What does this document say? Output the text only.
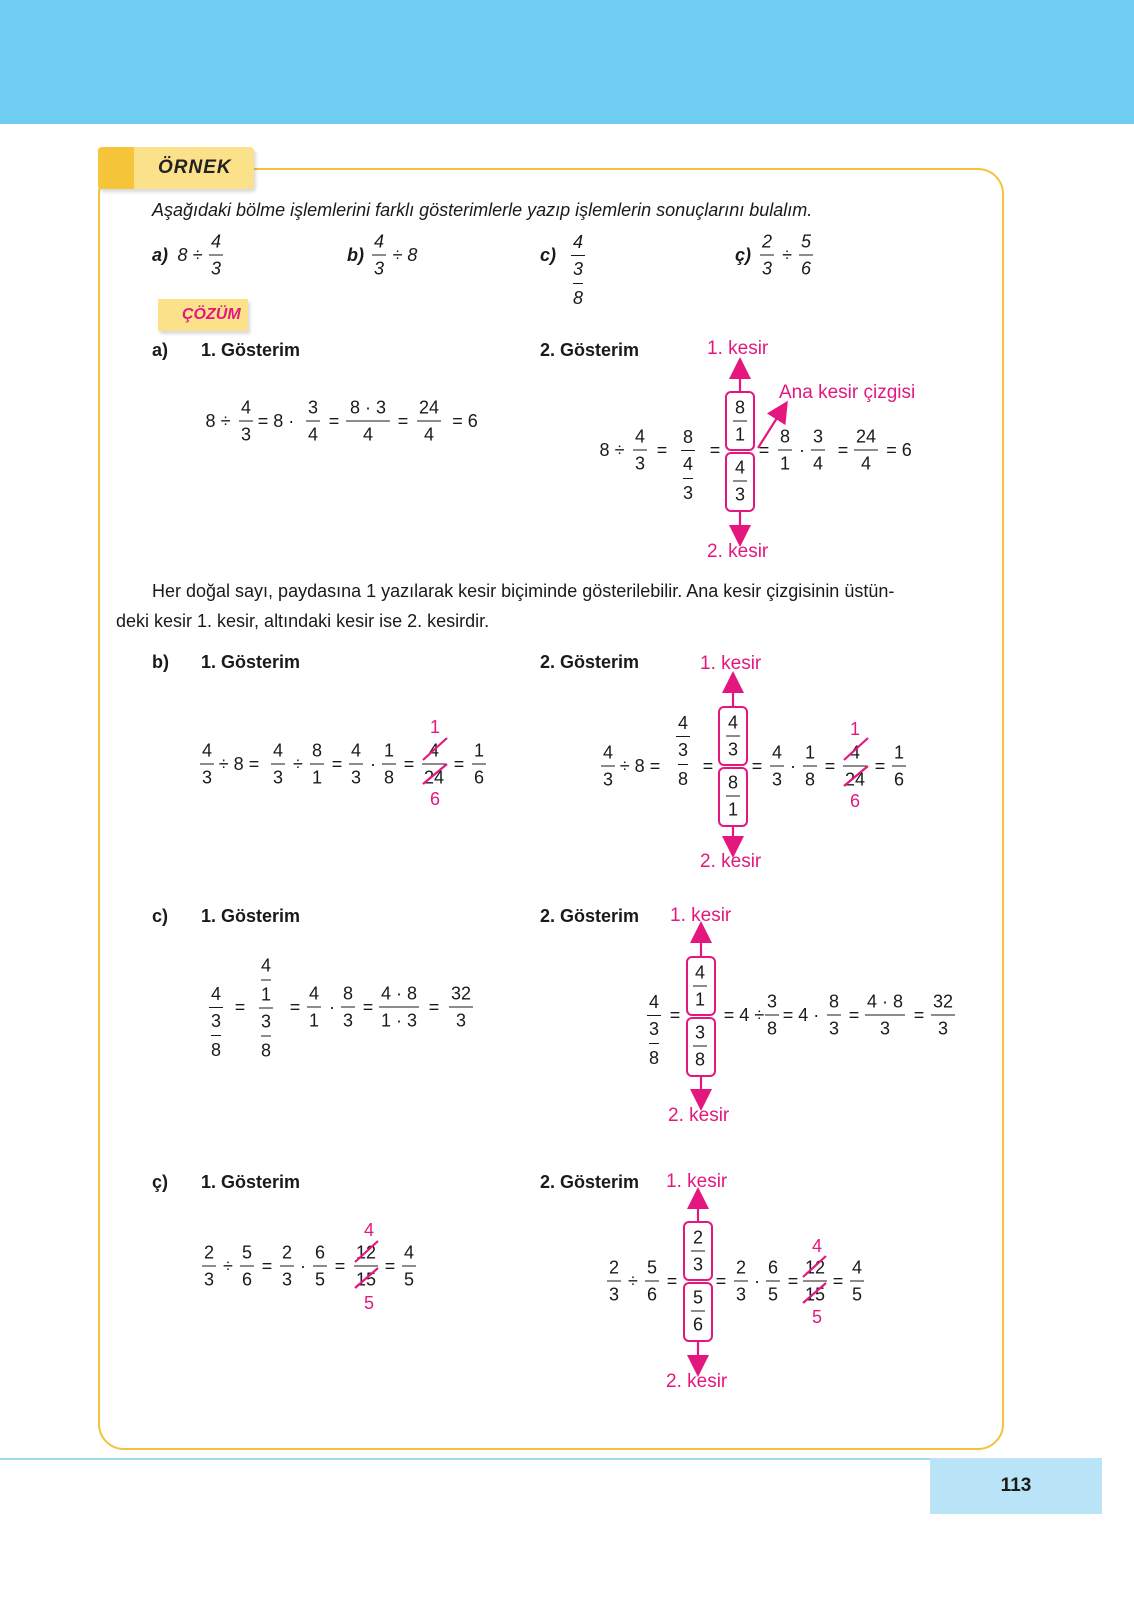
ÖRNEK
Aşağıdaki bölme işlemlerini farklı gösterimlerle yazıp işlemlerin sonuçlarını bulalım.
a) 8 ÷
4
3
b)
4
3
÷ 8	c)
4
3
8
ç)
2
3
÷
5
6
ÇÖZÜM
a) 1. Gösterim	2. Gösterim
8 ÷
4
3
= 8 ·
3
4
=
8 · 3
4
=
24
4
= 6
8 ÷
4
3
=
8
4
3
=
8
1
4
3
=
8
1
·
3
4
=
24
4
= 6
1. kesir
2. kesir
Ana kesir çizgisi
Her doğal sayı, paydasına 1 yazılarak kesir biçiminde gösterilebilir. Ana kesir çizgisinin üstün-
deki kesir 1. kesir, altındaki kesir ise 2. kesirdir.
b) 1. Gösterim	2. Gösterim
4
3
÷ 8 =
4
3
÷
8
1
=
4
3
·
1
8
=
4
24
=
1
6
1
6
4
3
÷ 8 =
4
3
8
=
4
3
8
1
=
4
3
·
1
8
=
4
24
=
1
6
1
6
1. kesir
2. kesir
c) 1. Gösterim	2. Gösterim
4
3
8
=
4
1
3
8
=
4
1
·
8
3
=
4 · 8
1 · 3
=
32
3
4
3
8
=
4
1
3
8
= 4 ÷
3
8
= 4 ·
8
3
=
4 · 8
3
=
32
3
1. kesir
2. kesir
ç) 1. Gösterim	2. Gösterim
2
3
÷
5
6
=
2
3
·
6
5
=
12
15
=
4
5
4
5
2
3
÷
5
6
=
2
3
5
6
=
2
3
·
6
5
=
12
15
=
4
5
4
5
1. kesir
2. kesir
113
